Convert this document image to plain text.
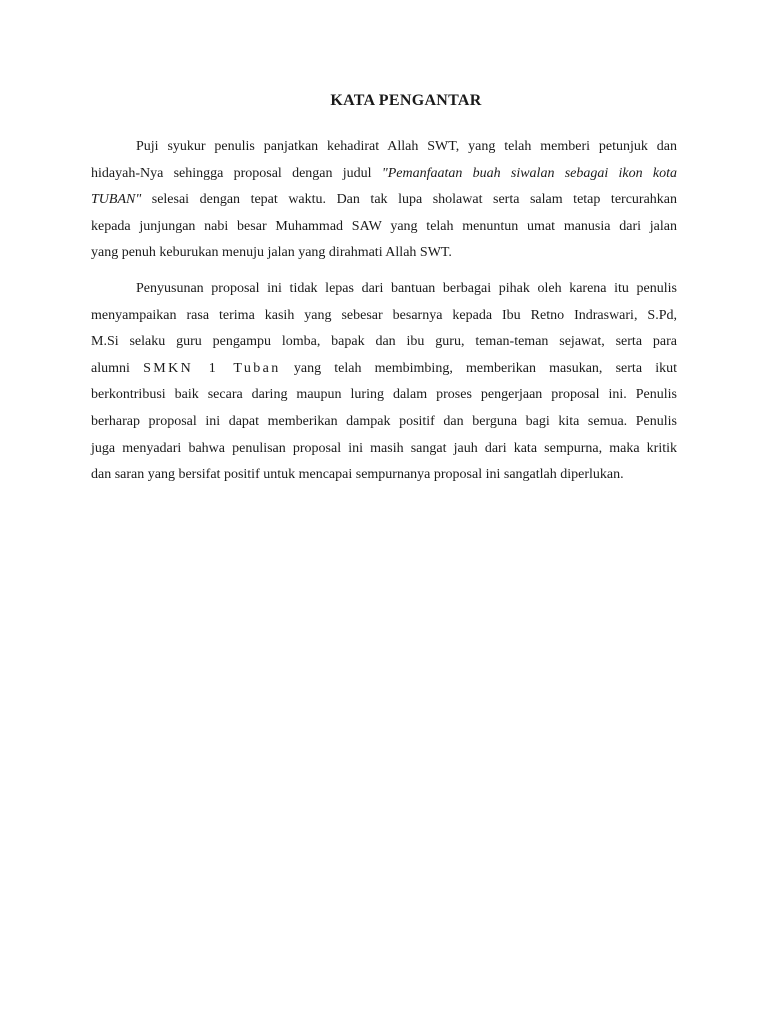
KATA PENGANTAR

Puji syukur penulis panjatkan kehadirat Allah SWT, yang telah memberi petunjuk dan
hidayah-Nya sehingga proposal dengan judul "Pemanfaatan buah siwalan sebagai ikon kota
TUBAN" selesai dengan tepat waktu. Dan tak lupa sholawat serta salam tetap tercurahkan
kepada junjungan nabi besar Muhammad SAW yang telah menuntun umat manusia dari jalan
yang penuh keburukan menuju jalan yang dirahmati Allah SWT.

Penyusunan proposal ini tidak lepas dari bantuan berbagai pihak oleh karena itu penulis
menyampaikan rasa terima kasih yang sebesar besarnya kepada Ibu Retno Indraswari, S.Pd,
M.Si selaku guru pengampu lomba, bapak dan ibu guru, teman-teman sejawat, serta para
alumni SMKN 1 Tuban yang telah membimbing, memberikan masukan, serta ikut
berkontribusi baik secara daring maupun luring dalam proses pengerjaan proposal ini. Penulis
berharap proposal ini dapat memberikan dampak positif dan berguna bagi kita semua. Penulis
juga menyadari bahwa penulisan proposal ini masih sangat jauh dari kata sempurna, maka kritik
dan saran yang bersifat positif untuk mencapai sempurnanya proposal ini sangatlah diperlukan.
